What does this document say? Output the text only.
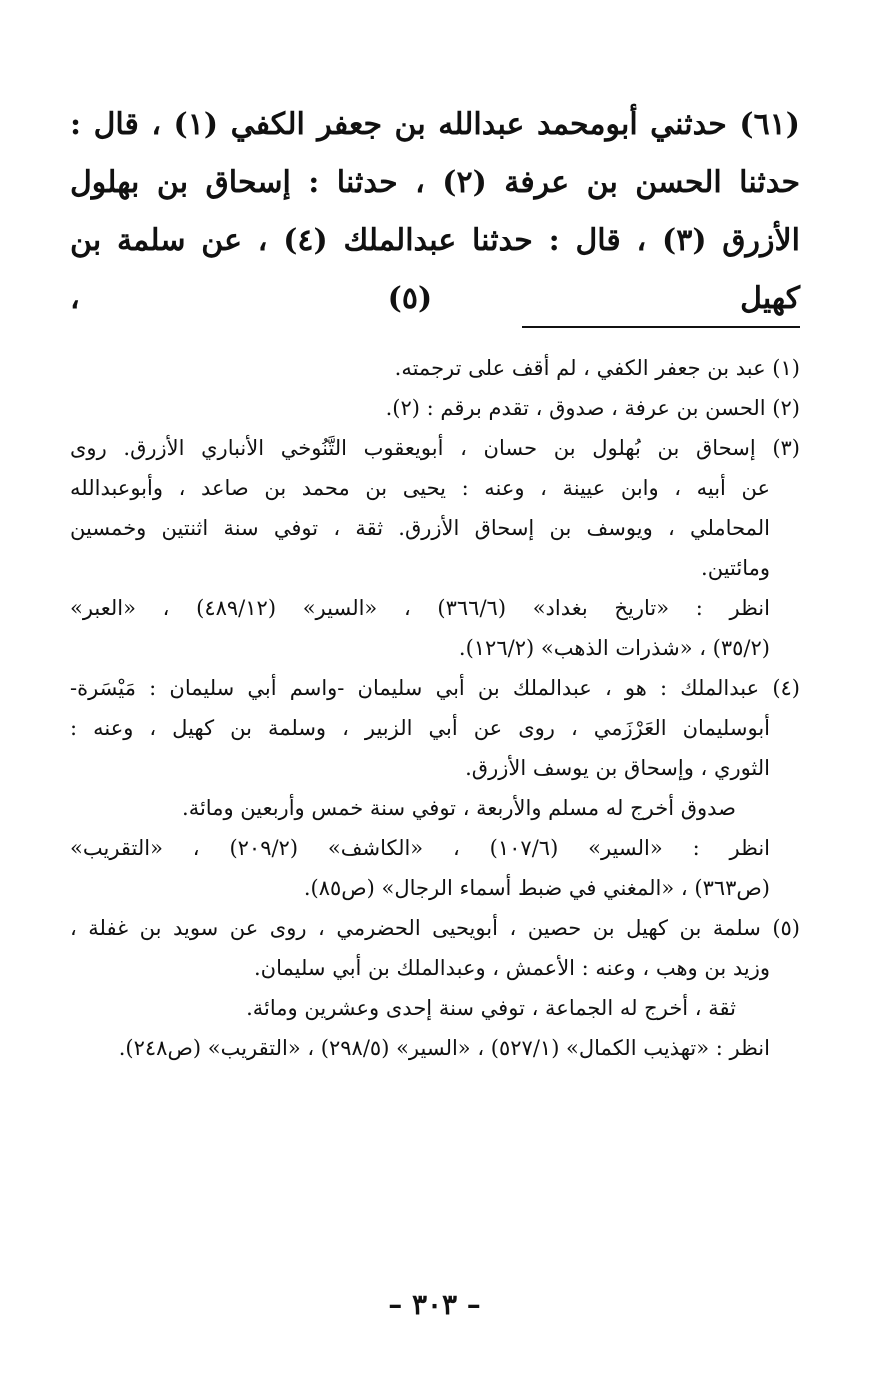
(٦١) حدثني أبومحمد عبدالله بن جعفر الكفي (١) ، قال :
حدثنا الحسن بن عرفة (٢) ، حدثنا : إسحاق بن بهلول
الأزرق (٣) ، قال : حدثنا عبدالملك (٤) ، عن سلمة بن كهيل (٥) ،
(١) عبد بن جعفر الكفي ، لم أقف على ترجمته.
(٢) الحسن بن عرفة ، صدوق ، تقدم برقم : (٢).
(٣) إسحاق بن بُهلول بن حسان ، أبويعقوب التَّنُوخي الأنباري الأزرق. روى
عن أبيه ، وابن عيينة ، وعنه : يحيى بن محمد بن صاعد ، وأبوعبدالله
المحاملي ، ويوسف بن إسحاق الأزرق. ثقة ، توفي سنة اثنتين وخمسين
ومائتين.
انظر : «تاريخ بغداد» (٣٦٦/٦) ، «السير» (٤٨٩/١٢) ، «العبر»
(٣٥/٢) ، «شذرات الذهب» (١٢٦/٢).
(٤) عبدالملك : هو ، عبدالملك بن أبي سليمان -واسم أبي سليمان : مَيْسَرة-
أبوسليمان العَرْزَمي ، روى عن أبي الزبير ، وسلمة بن كهيل ، وعنه :
الثوري ، وإسحاق بن يوسف الأزرق.
صدوق أخرج له مسلم والأربعة ، توفي سنة خمس وأربعين ومائة.
انظر : «السير» (١٠٧/٦) ، «الكاشف» (٢٠٩/٢) ، «التقريب»
(ص٣٦٣) ، «المغني في ضبط أسماء الرجال» (ص٨٥).
(٥) سلمة بن كهيل بن حصين ، أبويحيى الحضرمي ، روى عن سويد بن غفلة ،
وزيد بن وهب ، وعنه : الأعمش ، وعبدالملك بن أبي سليمان.
ثقة ، أخرج له الجماعة ، توفي سنة إحدى وعشرين ومائة.
انظر : «تهذيب الكمال» (٥٢٧/١) ، «السير» (٢٩٨/٥) ، «التقريب» (ص٢٤٨).
– ٣٠٣ –
